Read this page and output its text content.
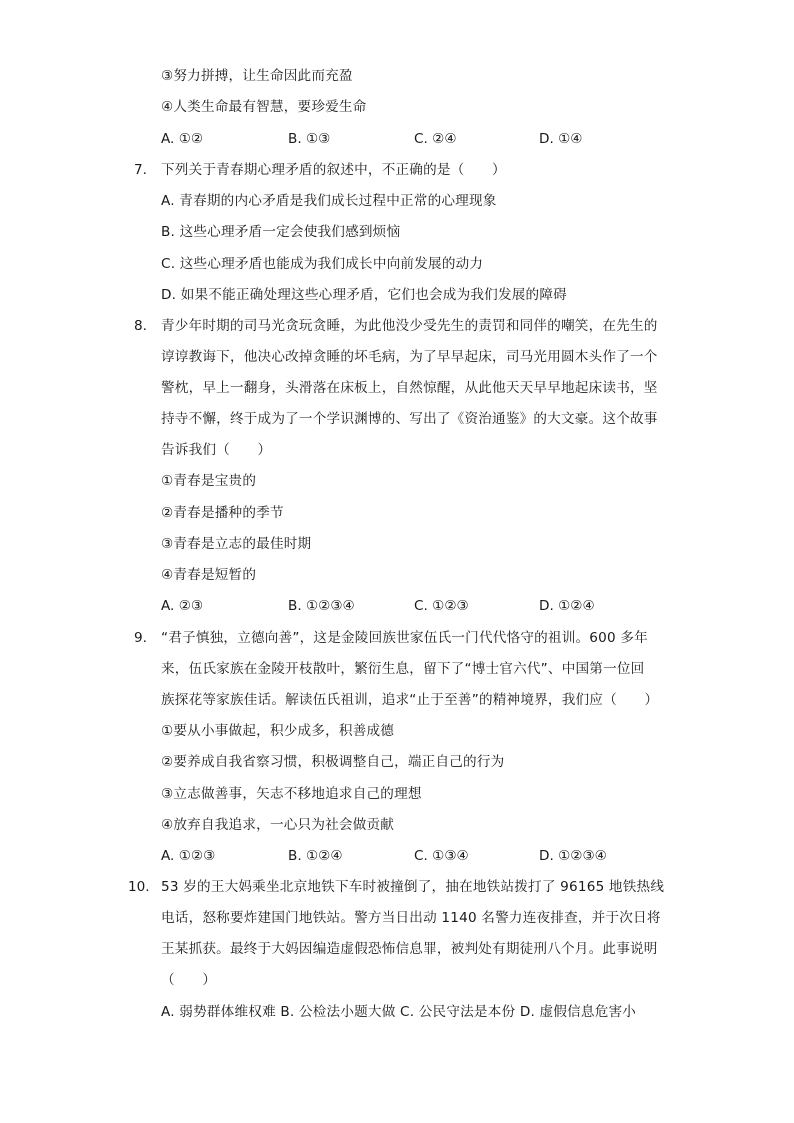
③努力拼搏，让生命因此而充盈
④人类生命最有智慧，要珍爱生命
A. ①②	B. ①③	C. ②④	D. ①④
7. 下列关于青春期心理矛盾的叙述中，不正确的是（　　）
A. 青春期的内心矛盾是我们成长过程中正常的心理现象
B. 这些心理矛盾一定会使我们感到烦恼
C. 这些心理矛盾也能成为我们成长中向前发展的动力
D. 如果不能正确处理这些心理矛盾，它们也会成为我们发展的障碍
8. 青少年时期的司马光贪玩贪睡，为此他没少受先生的责罚和同伴的嘲笑，在先生的
谆谆教诲下，他决心改掉贪睡的坏毛病，为了早早起床，司马光用圆木头作了一个
警枕，早上一翻身，头滑落在床板上，自然惊醒，从此他天天早早地起床读书，坚
持寺不懈，终于成为了一个学识渊博的、写出了《资治通鉴》的大文豪。这个故事
告诉我们（　　）
①青春是宝贵的
②青春是播种的季节
③青春是立志的最佳时期
④青春是短暂的
A. ②③	B. ①②③④	C. ①②③	D. ①②④
9. “君子慎独，立德向善”，这是金陵回族世家伍氏一门代代恪守的祖训。600 多年
来，伍氏家族在金陵开枝散叶，繁衍生息，留下了“博士官六代”、中国第一位回
族探花等家族佳话。解读伍氏祖训，追求“止于至善”的精神境界，我们应（　　）
①要从小事做起，积少成多，积善成德
②要养成自我省察习惯，积极调整自己，端正自己的行为
③立志做善事，矢志不移地追求自己的理想
④放弃自我追求，一心只为社会做贡献
A. ①②③	B. ①②④	C. ①③④	D. ①②③④
10. 53 岁的王大妈乘坐北京地铁下车时被撞倒了，抽在地铁站拨打了 96165 地铁热线
电话，怒称要炸建国门地铁站。警方当日出动 1140 名警力连夜排查，并于次日将
王某抓获。最终于大妈因编造虚假恐怖信息罪，被判处有期徒刑八个月。此事说明
（　　）
A. 弱势群体维权难 B. 公检法小题大做 C. 公民守法是本份 D. 虚假信息危害小
